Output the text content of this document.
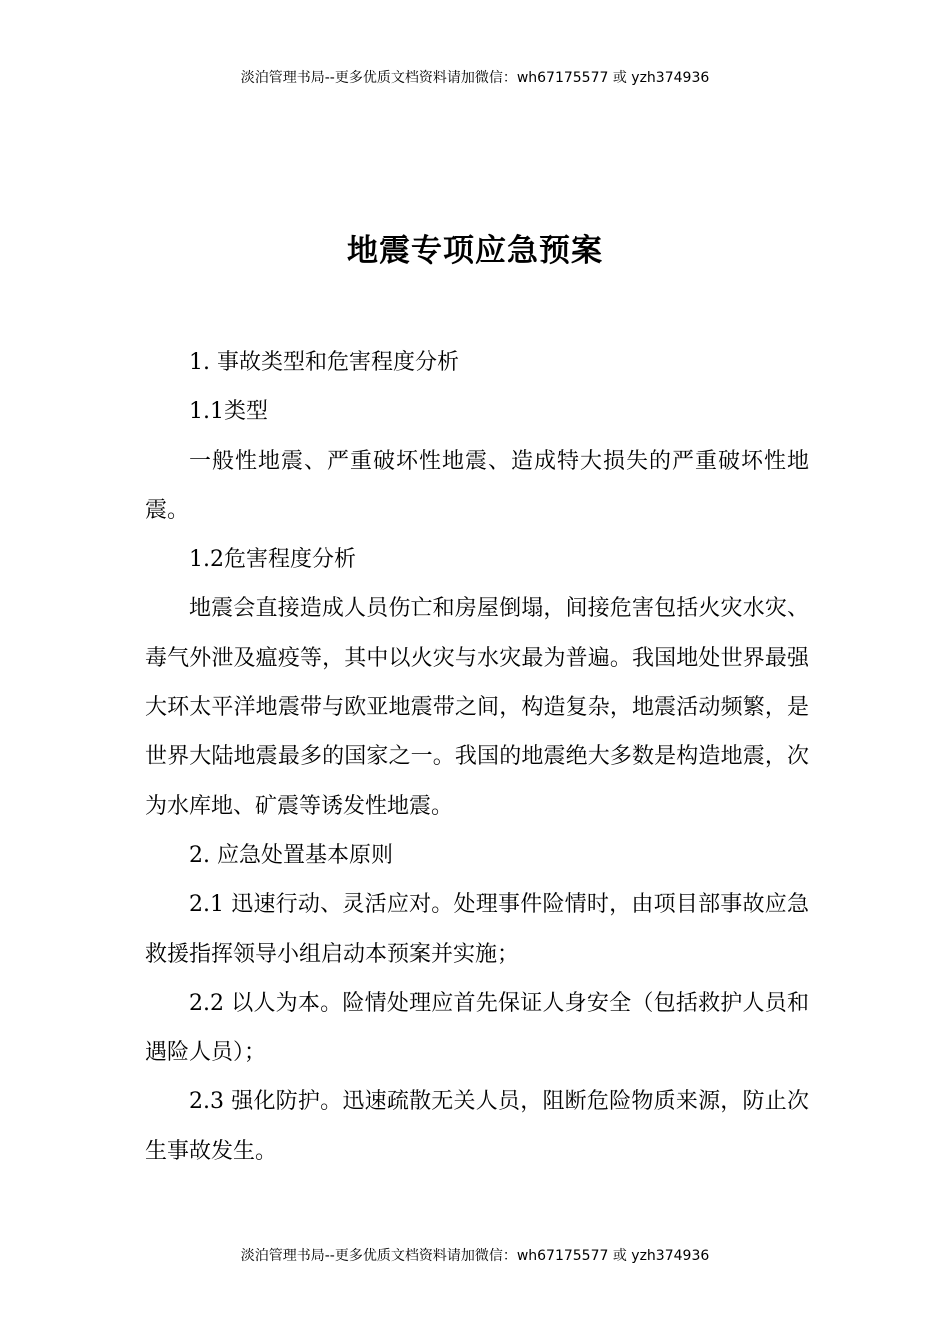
淡泊管理书局--更多优质文档资料请加微信：wh67175577 或 yzh374936
地震专项应急预案

1. 事故类型和危害程度分析

1.1类型

一般性地震、严重破坏性地震、造成特大损失的严重破坏性地震。

1.2危害程度分析

地震会直接造成人员伤亡和房屋倒塌，间接危害包括火灾水灾、毒气外泄及瘟疫等，其中以火灾与水灾最为普遍。我国地处世界最强大环太平洋地震带与欧亚地震带之间，构造复杂，地震活动频繁，是世界大陆地震最多的国家之一。我国的地震绝大多数是构造地震，次为水库地、矿震等诱发性地震。

2. 应急处置基本原则

2.1 迅速行动、灵活应对。处理事件险情时，由项目部事故应急救援指挥领导小组启动本预案并实施；

2.2 以人为本。险情处理应首先保证人身安全（包括救护人员和遇险人员）；

2.3 强化防护。迅速疏散无关人员，阻断危险物质来源，防止次生事故发生。

淡泊管理书局--更多优质文档资料请加微信：wh67175577 或 yzh374936
